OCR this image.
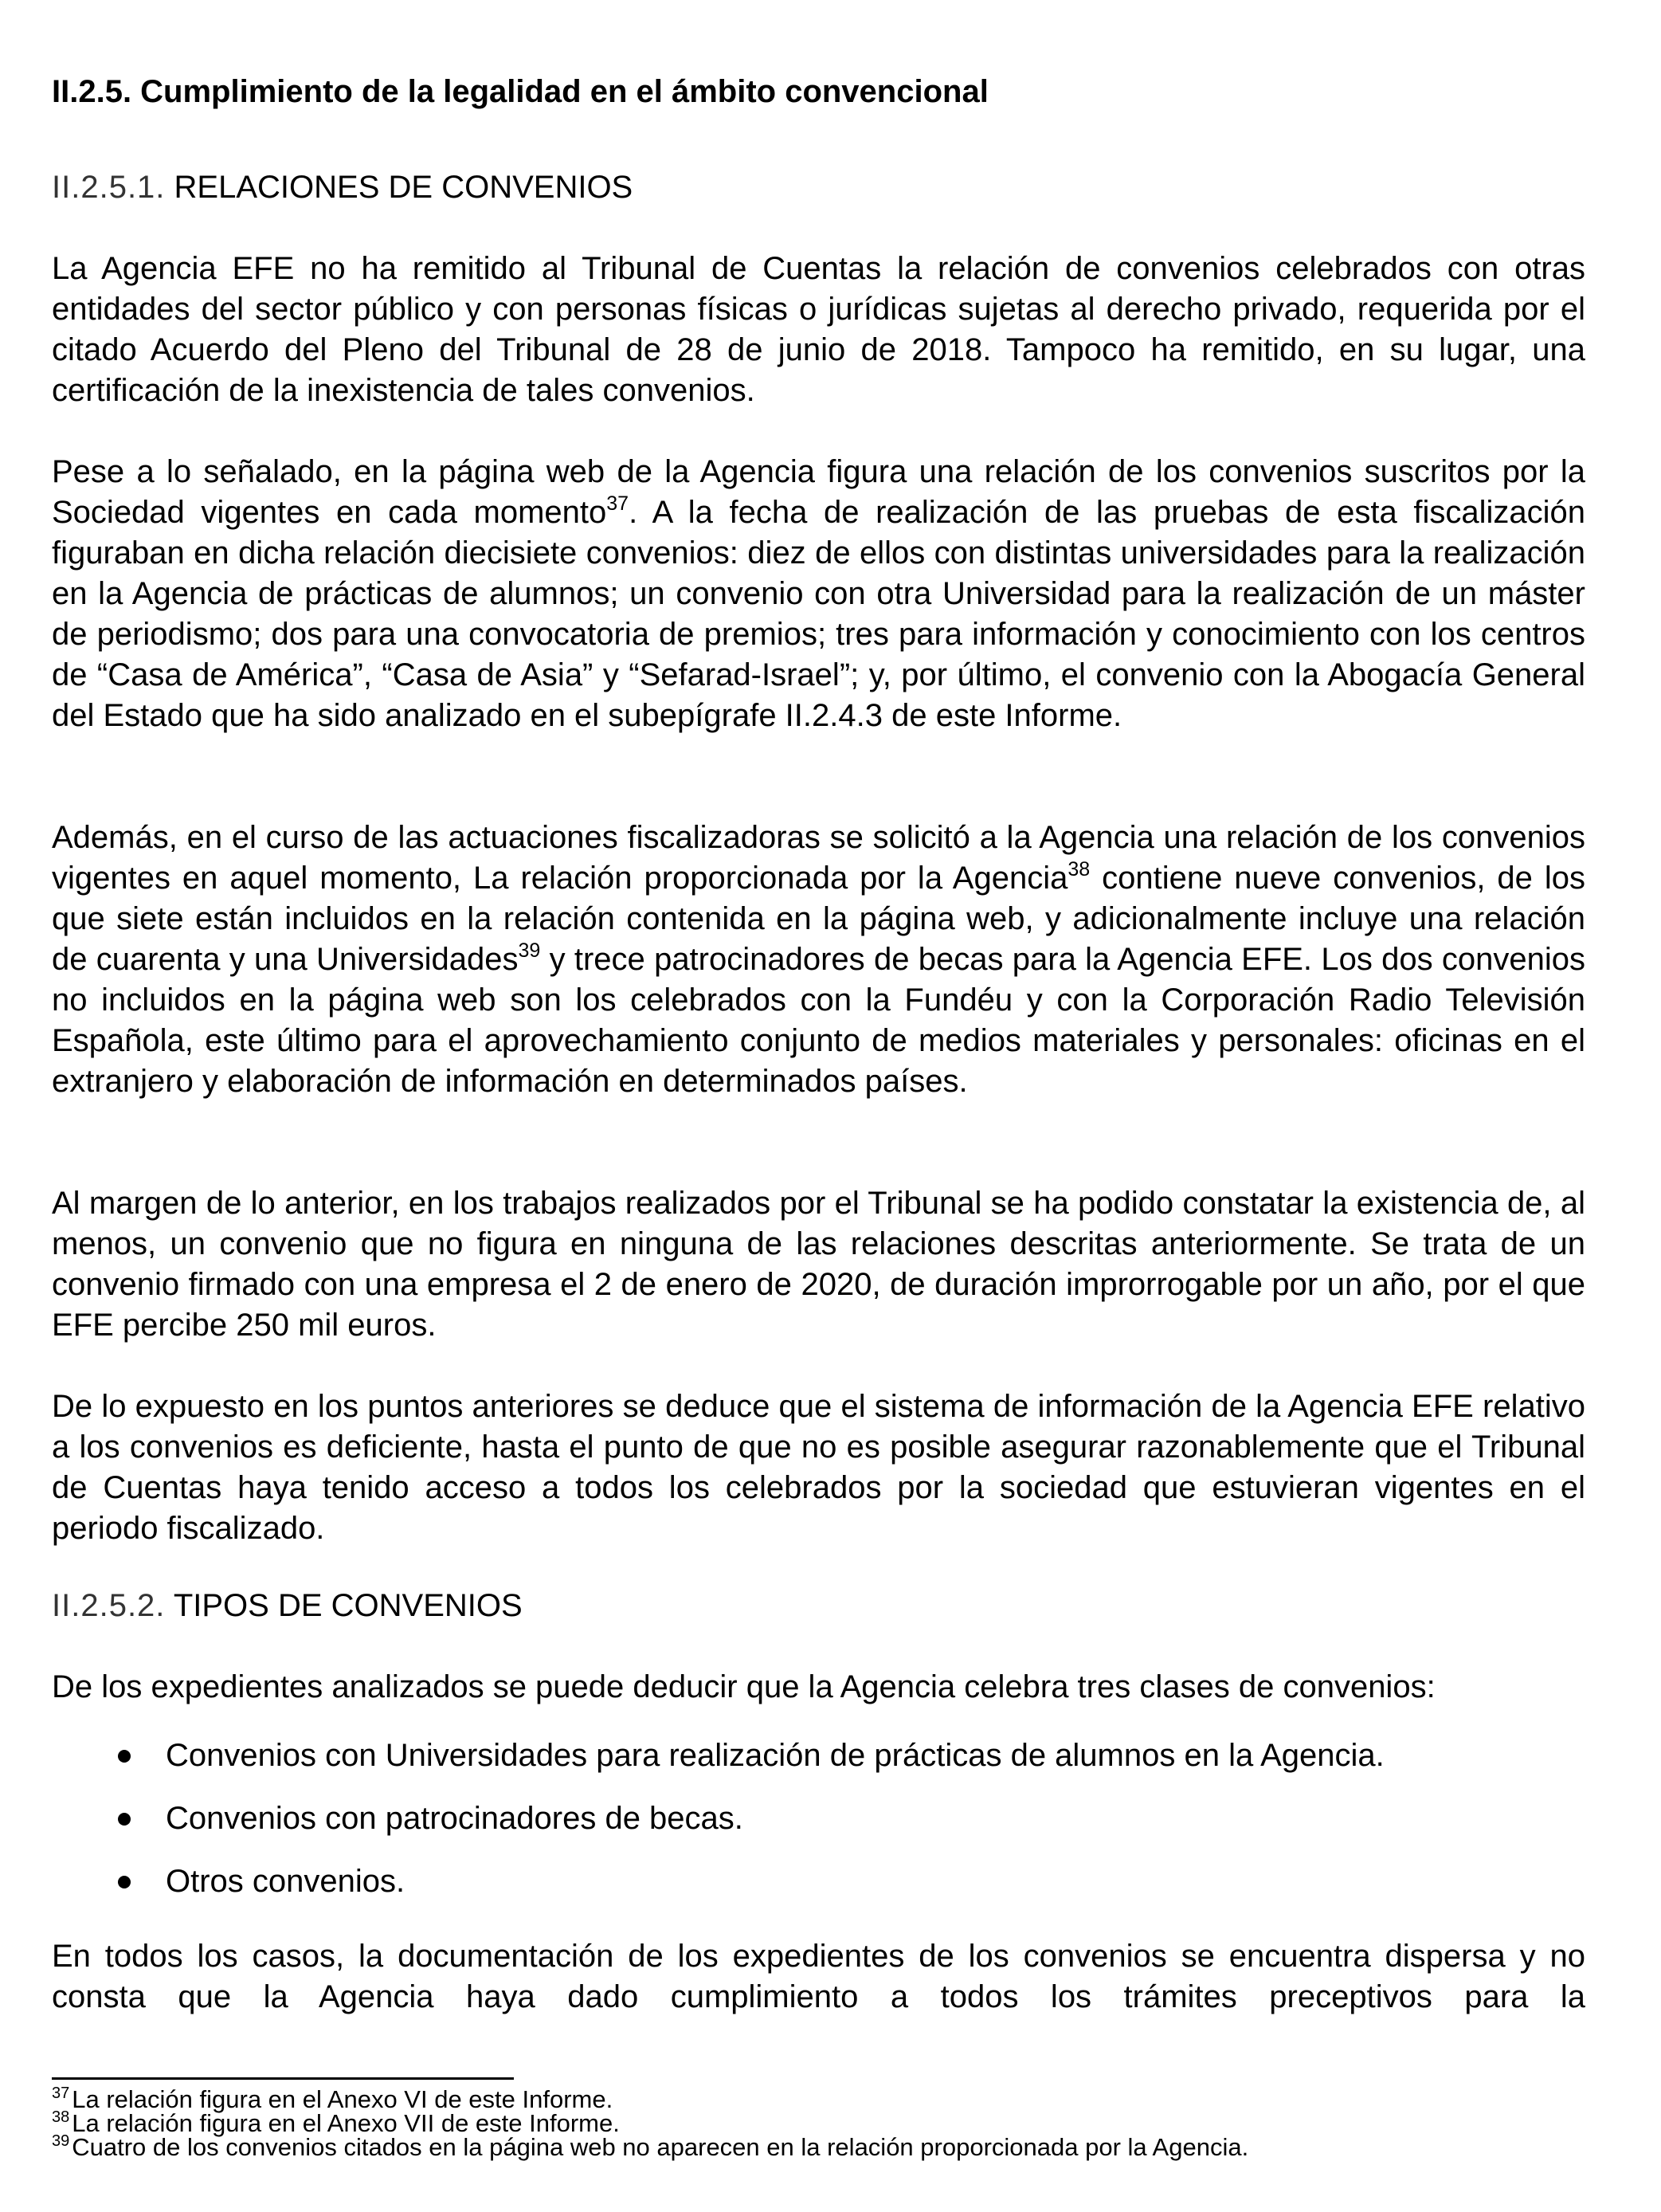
II.2.5. Cumplimiento de la legalidad en el ámbito convencional
II.2.5.1. RELACIONES DE CONVENIOS

La Agencia EFE no ha remitido al Tribunal de Cuentas la relación de convenios celebrados con otras entidades del sector público y con personas físicas o jurídicas sujetas al derecho privado, requerida por el citado Acuerdo del Pleno del Tribunal de 28 de junio de 2018. Tampoco ha remitido, en su lugar, una certificación de la inexistencia de tales convenios.

Pese a lo señalado, en la página web de la Agencia figura una relación de los convenios suscritos por la Sociedad vigentes en cada momento$^{37}$. A la fecha de realización de las pruebas de esta fiscalización figuraban en dicha relación diecisiete convenios: diez de ellos con distintas universidades para la realización en la Agencia de prácticas de alumnos; un convenio con otra Universidad para la realización de un máster de periodismo; dos para una convocatoria de premios; tres para información y conocimiento con los centros de “Casa de América”, “Casa de Asia” y “Sefarad-Israel”; y, por último, el convenio con la Abogacía General del Estado que ha sido analizado en el subepígrafe II.2.4.3 de este Informe.

Además, en el curso de las actuaciones fiscalizadoras se solicitó a la Agencia una relación de los convenios vigentes en aquel momento, La relación proporcionada por la Agencia$^{38}$ contiene nueve convenios, de los que siete están incluidos en la relación contenida en la página web, y adicionalmente incluye una relación de cuarenta y una Universidades$^{39}$ y trece patrocinadores de becas para la Agencia EFE. Los dos convenios no incluidos en la página web son los celebrados con la Fundéu y con la Corporación Radio Televisión Española, este último para el aprovechamiento conjunto de medios materiales y personales: oficinas en el extranjero y elaboración de información en determinados países.

Al margen de lo anterior, en los trabajos realizados por el Tribunal se ha podido constatar la existencia de, al menos, un convenio que no figura en ninguna de las relaciones descritas anteriormente. Se trata de un convenio firmado con una empresa el 2 de enero de 2020, de duración improrrogable por un año, por el que EFE percibe 250 mil euros.

De lo expuesto en los puntos anteriores se deduce que el sistema de información de la Agencia EFE relativo a los convenios es deficiente, hasta el punto de que no es posible asegurar razonablemente que el Tribunal de Cuentas haya tenido acceso a todos los celebrados por la sociedad que estuvieran vigentes en el periodo fiscalizado.

II.2.5.2. TIPOS DE CONVENIOS

De los expedientes analizados se puede deducir que la Agencia celebra tres clases de convenios:

Convenios con Universidades para realización de prácticas de alumnos en la Agencia.
Convenios con patrocinadores de becas.
Otros convenios.

En todos los casos, la documentación de los expedientes de los convenios se encuentra dispersa y no consta que la Agencia haya dado cumplimiento a todos los trámites preceptivos para la

$^{37}$La relación figura en el Anexo VI de este Informe.

$^{38}$La relación figura en el Anexo VII de este Informe.

$^{39}$Cuatro de los convenios citados en la página web no aparecen en la relación proporcionada por la Agencia.
